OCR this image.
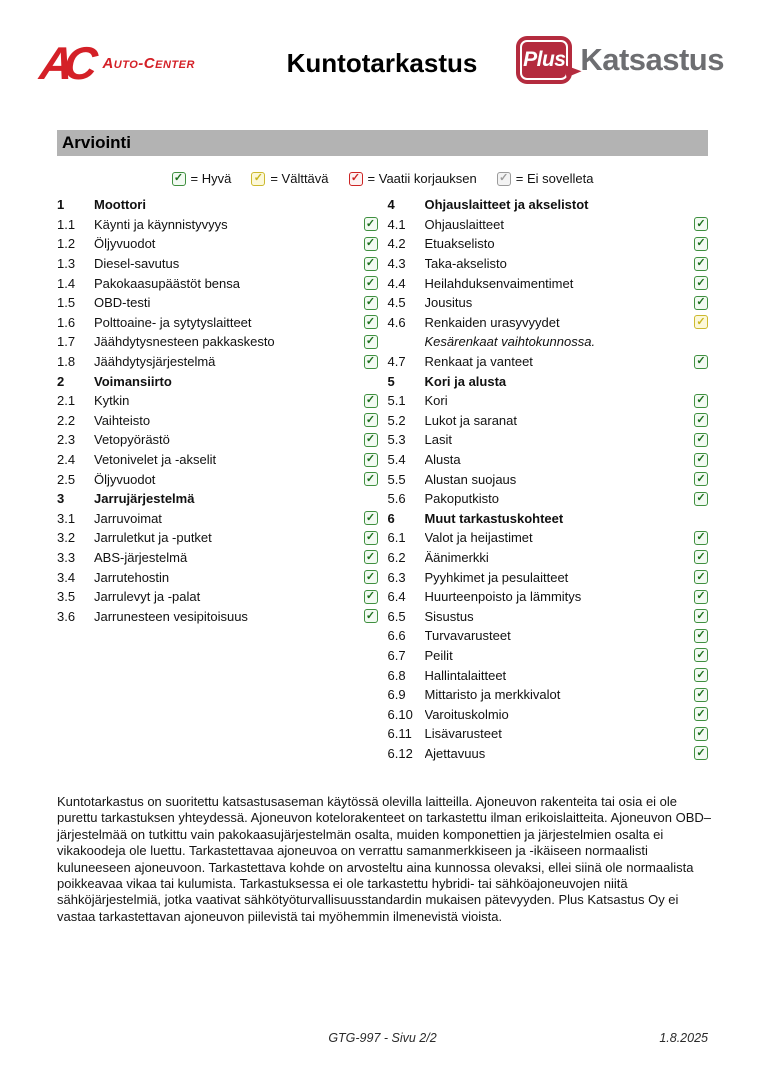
AC Auto-Center	Kuntotarkastus	Plus Katsastus
Arviointi
✓ = Hyvä ✓ = Välttävä ✓ = Vaatii korjauksen ✓ = Ei sovelleta
1	Moottori
1.1	Käynti ja käynnistyvyys	✓
1.2	Öljyvuodot	✓
1.3	Diesel-savutus	✓
1.4	Pakokaasupäästöt bensa	✓
1.5	OBD-testi	✓
1.6	Polttoaine- ja sytytyslaitteet	✓
1.7	Jäähdytysnesteen pakkaskesto	✓
1.8	Jäähdytysjärjestelmä	✓
2	Voimansiirto
2.1	Kytkin	✓
2.2	Vaihteisto	✓
2.3	Vetopyörästö	✓
2.4	Vetonivelet ja -akselit	✓
2.5	Öljyvuodot	✓
3	Jarrujärjestelmä
3.1	Jarruvoimat	✓
3.2	Jarruletkut ja -putket	✓
3.3	ABS-järjestelmä	✓
3.4	Jarrutehostin	✓
3.5	Jarrulevyt ja -palat	✓
3.6	Jarrunesteen vesipitoisuus	✓
4	Ohjauslaitteet ja akselistot
4.1	Ohjauslaitteet	✓
4.2	Etuakselisto	✓
4.3	Taka-akselisto	✓
4.4	Heilahduksenvaimentimet	✓
4.5	Jousitus	✓
4.6	Renkaiden urasyvyydet	✓
Kesärenkaat vaihtokunnossa.
4.7	Renkaat ja vanteet	✓
5	Kori ja alusta
5.1	Kori	✓
5.2	Lukot ja saranat	✓
5.3	Lasit	✓
5.4	Alusta	✓
5.5	Alustan suojaus	✓
5.6	Pakoputkisto	✓
6	Muut tarkastuskohteet
6.1	Valot ja heijastimet	✓
6.2	Äänimerkki	✓
6.3	Pyyhkimet ja pesulaitteet	✓
6.4	Huurteenpoisto ja lämmitys	✓
6.5	Sisustus	✓
6.6	Turvavarusteet	✓
6.7	Peilit	✓
6.8	Hallintalaitteet	✓
6.9	Mittaristo ja merkkivalot	✓
6.10 Varoituskolmio	✓
6.11 Lisävarusteet	✓
6.12 Ajettavuus	✓
Kuntotarkastus on suoritettu katsastusaseman käytössä olevilla laitteilla. Ajoneuvon rakenteita tai osia ei ole purettu tarkastuksen yhteydessä. Ajoneuvon kotelorakenteet on tarkastettu ilman erikoislaitteita. Ajoneuvon OBD–järjestelmää on tutkittu vain pakokaasujärjestelmän osalta, muiden komponettien ja järjestelmien osalta ei vikakoodeja ole luettu. Tarkastettavaa ajoneuvoa on verrattu samanmerkkiseen ja -ikäiseen normaalisti kuluneeseen ajoneuvoon. Tarkastettava kohde on arvosteltu aina kunnossa olevaksi, ellei siinä ole normaalista poikkeavaa vikaa tai kulumista. Tarkastuksessa ei ole tarkastettu hybridi- tai sähköajoneuvojen niitä sähköjärjestelmiä, jotka vaativat sähkötyöturvallisuusstandardin mukaisen pätevyyden. Plus Katsastus Oy ei vastaa tarkastettavan ajoneuvon piilevistä tai myöhemmin ilmenevistä vioista.
GTG-997 - Sivu 2/2	1.8.2025
